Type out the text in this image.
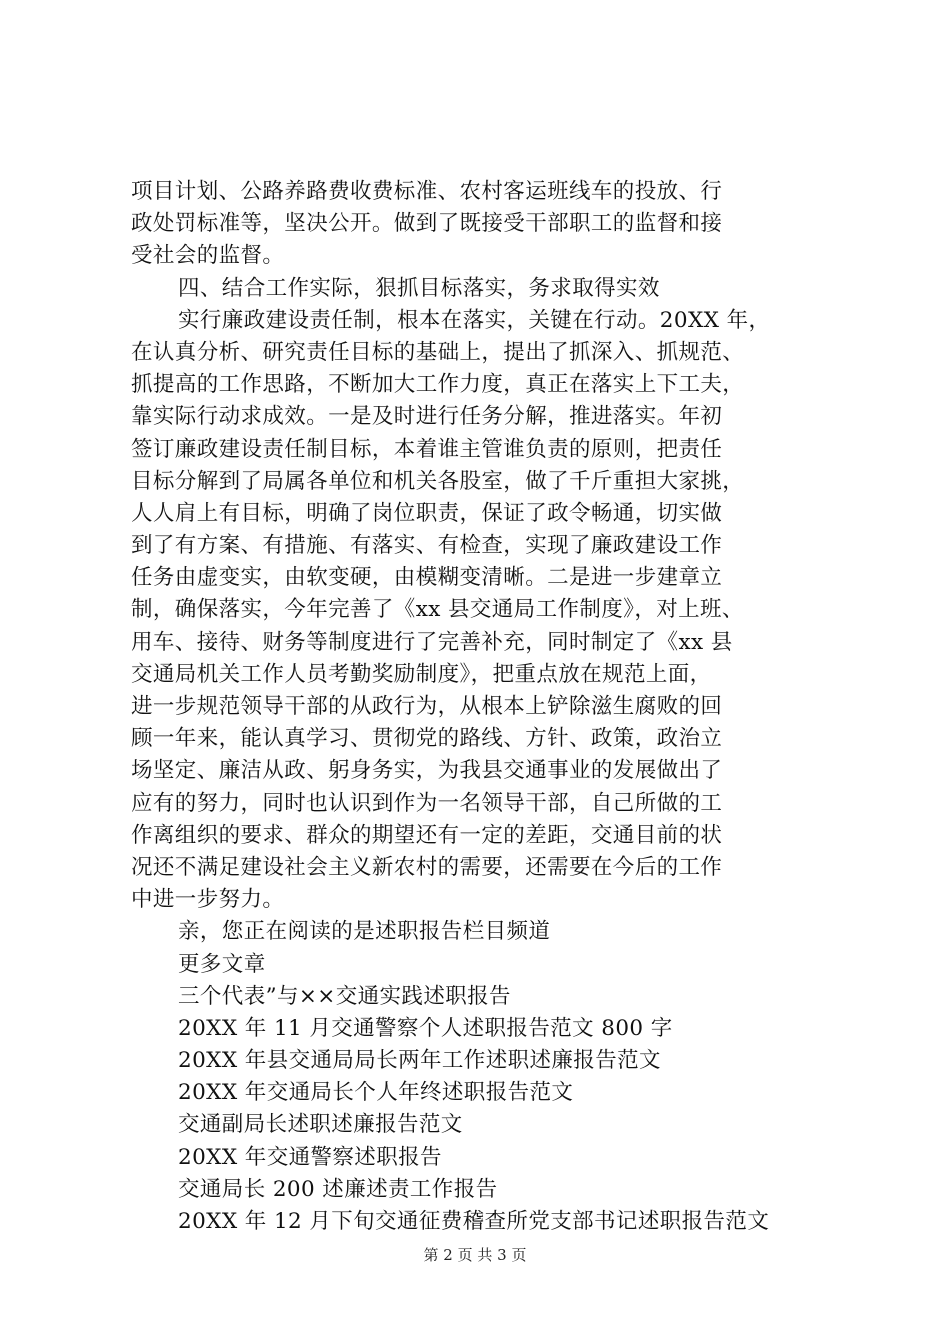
项目计划、公路养路费收费标准、农村客运班线车的投放、行
政处罚标准等，坚决公开。做到了既接受干部职工的监督和接
受社会的监督。
四、结合工作实际，狠抓目标落实，务求取得实效
实行廉政建设责任制，根本在落实，关键在行动。20XX 年，
在认真分析、研究责任目标的基础上，提出了抓深入、抓规范、
抓提高的工作思路，不断加大工作力度，真正在落实上下工夫，
靠实际行动求成效。一是及时进行任务分解，推进落实。年初
签订廉政建设责任制目标，本着谁主管谁负责的原则，把责任
目标分解到了局属各单位和机关各股室，做了千斤重担大家挑，
人人肩上有目标，明确了岗位职责，保证了政令畅通，切实做
到了有方案、有措施、有落实、有检查，实现了廉政建设工作
任务由虚变实，由软变硬，由模糊变清晰。二是进一步建章立
制，确保落实，今年完善了《xx 县交通局工作制度》，对上班、
用车、接待、财务等制度进行了完善补充，同时制定了《xx 县
交通局机关工作人员考勤奖励制度》，把重点放在规范上面，
进一步规范领导干部的从政行为，从根本上铲除滋生腐败的回
顾一年来，能认真学习、贯彻党的路线、方针、政策，政治立
场坚定、廉洁从政、躬身务实，为我县交通事业的发展做出了
应有的努力，同时也认识到作为一名领导干部，自己所做的工
作离组织的要求、群众的期望还有一定的差距，交通目前的状
况还不满足建设社会主义新农村的需要，还需要在今后的工作
中进一步努力。
亲，您正在阅读的是述职报告栏目频道
更多文章
三个代表”与××交通实践述职报告
20XX 年 11 月交通警察个人述职报告范文 800 字
20XX 年县交通局局长两年工作述职述廉报告范文
20XX 年交通局长个人年终述职报告范文
交通副局长述职述廉报告范文
20XX 年交通警察述职报告
交通局长 200 述廉述责工作报告
20XX 年 12 月下旬交通征费稽查所党支部书记述职报告范文
第 2 页 共 3 页
